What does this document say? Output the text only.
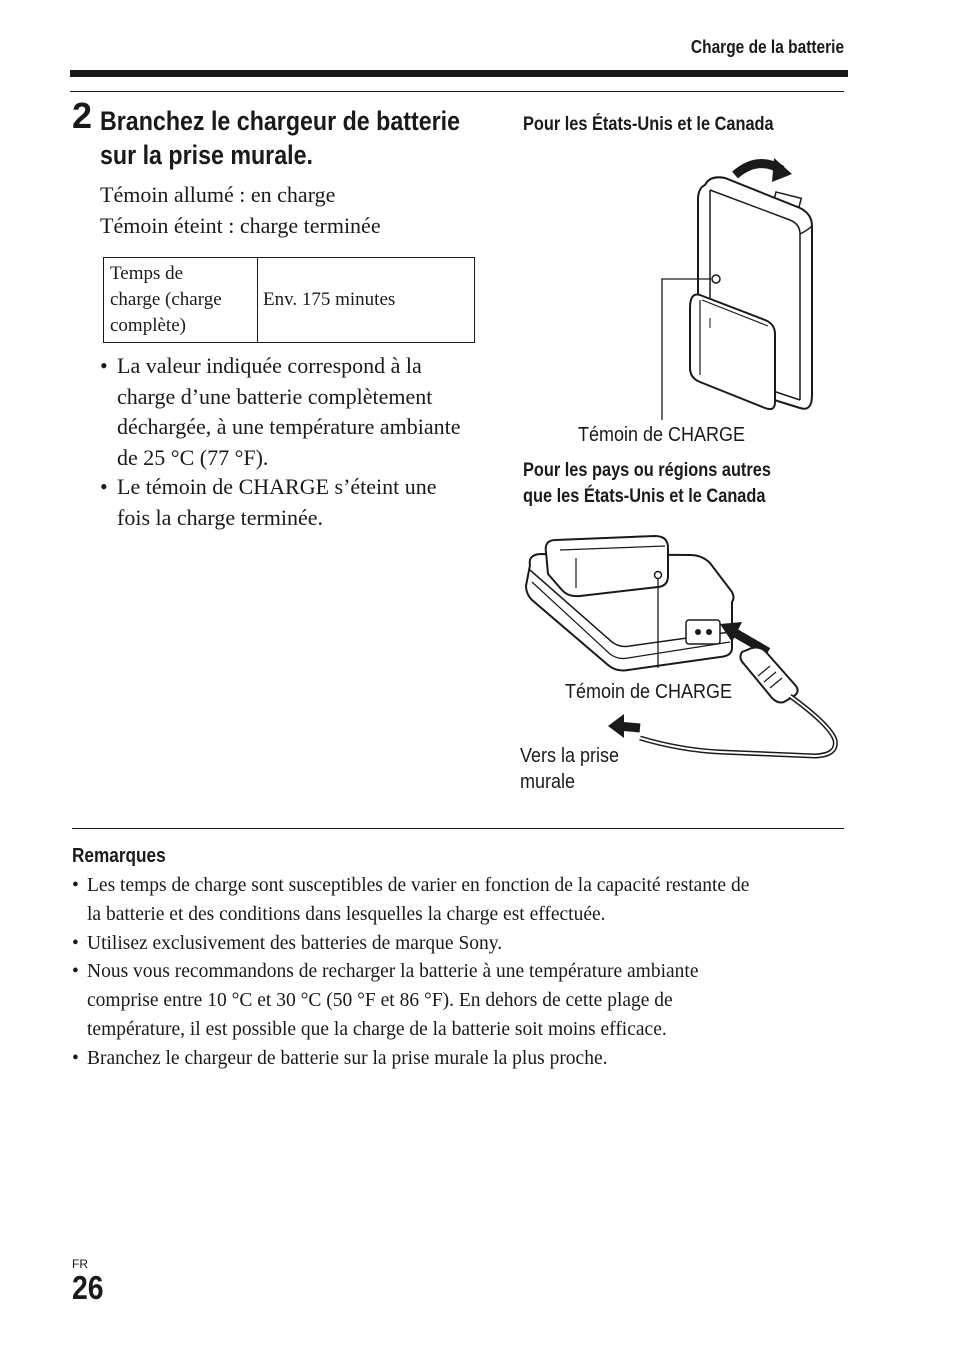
Charge de la batterie
2 Branchez le chargeur de batterie
sur la prise murale.
Témoin allumé : en charge
Témoin éteint : charge terminée
Temps de
charge (charge
complète)
Env. 175 minutes
• La valeur indiquée correspond à la
charge d’une batterie complètement
déchargée, à une température ambiante
de 25 °C (77 °F).
• Le témoin de CHARGE s’éteint une
fois la charge terminée.
Pour les États-Unis et le Canada
Témoin de CHARGE
Pour les pays ou régions autres
que les États-Unis et le Canada
Témoin de CHARGE
Vers la prise
murale
Remarques
• Les temps de charge sont susceptibles de varier en fonction de la capacité restante de
la batterie et des conditions dans lesquelles la charge est effectuée.
• Utilisez exclusivement des batteries de marque Sony.
• Nous vous recommandons de recharger la batterie à une température ambiante
comprise entre 10 °C et 30 °C (50 °F et 86 °F). En dehors de cette plage de
température, il est possible que la charge de la batterie soit moins efficace.
• Branchez le chargeur de batterie sur la prise murale la plus proche.
FR
26
